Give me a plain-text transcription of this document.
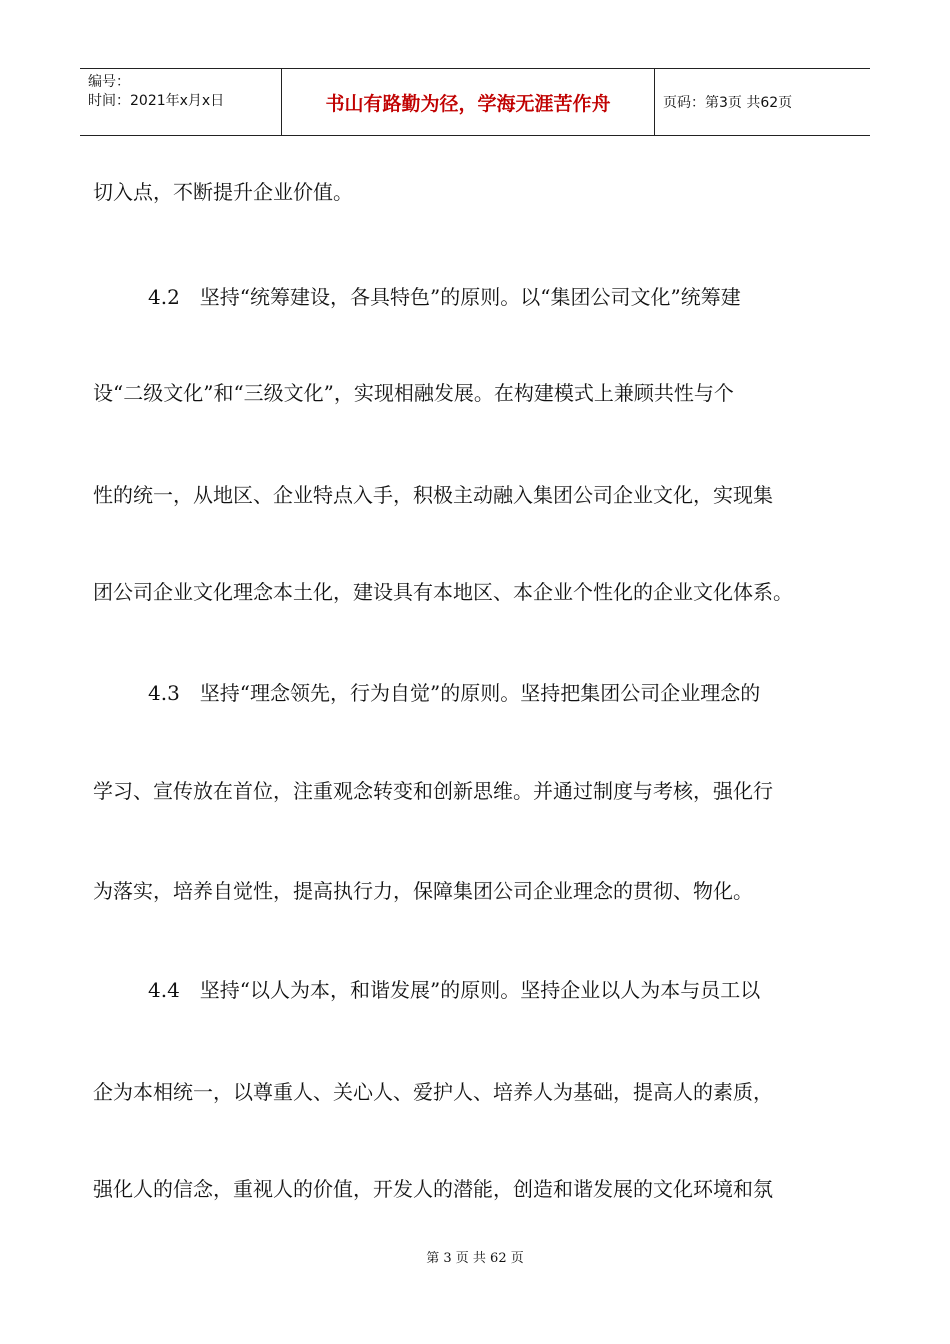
编号：
时间：2021年x月x日	书山有路勤为径，学海无涯苦作舟	页码：第3页 共62页
切入点，不断提升企业价值。
4.2　坚持“统筹建设，各具特色”的原则。以“集团公司文化”统筹建
设“二级文化”和“三级文化”，实现相融发展。在构建模式上兼顾共性与个
性的统一，从地区、企业特点入手，积极主动融入集团公司企业文化，实现集
团公司企业文化理念本土化，建设具有本地区、本企业个性化的企业文化体系。
4.3　坚持“理念领先，行为自觉”的原则。坚持把集团公司企业理念的
学习、宣传放在首位，注重观念转变和创新思维。并通过制度与考核，强化行
为落实，培养自觉性，提高执行力，保障集团公司企业理念的贯彻、物化。
4.4　坚持“以人为本，和谐发展”的原则。坚持企业以人为本与员工以
企为本相统一，以尊重人、关心人、爱护人、培养人为基础，提高人的素质，
强化人的信念，重视人的价值，开发人的潜能，创造和谐发展的文化环境和氛
第 3 页 共 62 页
